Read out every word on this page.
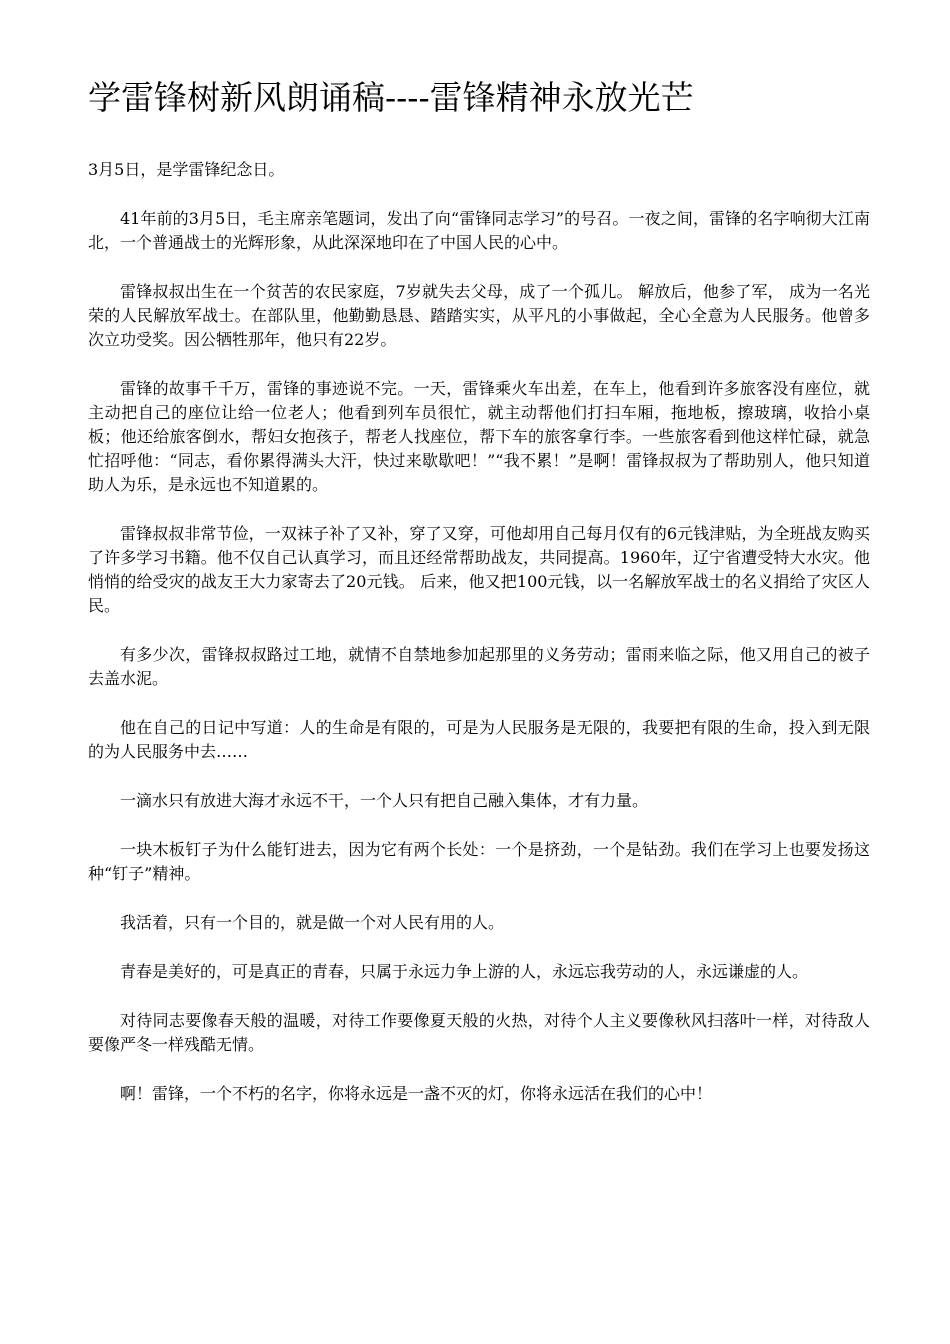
学雷锋树新风朗诵稿----雷锋精神永放光芒

3月5日，是学雷锋纪念日。

41年前的3月5日，毛主席亲笔题词，发出了向“雷锋同志学习”的号召。一夜之间，雷锋的名字响彻大江南北，一个普通战士的光辉形象，从此深深地印在了中国人民的心中。

雷锋叔叔出生在一个贫苦的农民家庭，7岁就失去父母，成了一个孤儿。 解放后，他参了军， 成为一名光荣的人民解放军战士。在部队里，他勤勤恳恳、踏踏实实，从平凡的小事做起，全心全意为人民服务。他曾多次立功受奖。因公牺牲那年，他只有22岁。

雷锋的故事千千万，雷锋的事迹说不完。一天，雷锋乘火车出差，在车上，他看到许多旅客没有座位，就主动把自己的座位让给一位老人；他看到列车员很忙，就主动帮他们打扫车厢，拖地板，擦玻璃，收拾小桌板；他还给旅客倒水，帮妇女抱孩子，帮老人找座位，帮下车的旅客拿行李。一些旅客看到他这样忙碌，就急忙招呼他：“同志，看你累得满头大汗，快过来歇歇吧！”“我不累！”是啊！雷锋叔叔为了帮助别人，他只知道助人为乐，是永远也不知道累的。

雷锋叔叔非常节俭，一双袜子补了又补，穿了又穿，可他却用自己每月仅有的6元钱津贴，为全班战友购买了许多学习书籍。他不仅自己认真学习，而且还经常帮助战友，共同提高。1960年，辽宁省遭受特大水灾。他悄悄的给受灾的战友王大力家寄去了20元钱。 后来，他又把100元钱，以一名解放军战士的名义捐给了灾区人民。

有多少次，雷锋叔叔路过工地，就情不自禁地参加起那里的义务劳动；雷雨来临之际，他又用自己的被子去盖水泥。

他在自己的日记中写道：人的生命是有限的，可是为人民服务是无限的，我要把有限的生命，投入到无限的为人民服务中去……

一滴水只有放进大海才永远不干，一个人只有把自己融入集体，才有力量。

一块木板钉子为什么能钉进去，因为它有两个长处：一个是挤劲，一个是钻劲。我们在学习上也要发扬这种“钉子”精神。

我活着，只有一个目的，就是做一个对人民有用的人。

青春是美好的，可是真正的青春，只属于永远力争上游的人，永远忘我劳动的人，永远谦虚的人。

对待同志要像春天般的温暖，对待工作要像夏天般的火热，对待个人主义要像秋风扫落叶一样，对待敌人要像严冬一样残酷无情。

啊！雷锋，一个不朽的名字，你将永远是一盏不灭的灯，你将永远活在我们的心中！
